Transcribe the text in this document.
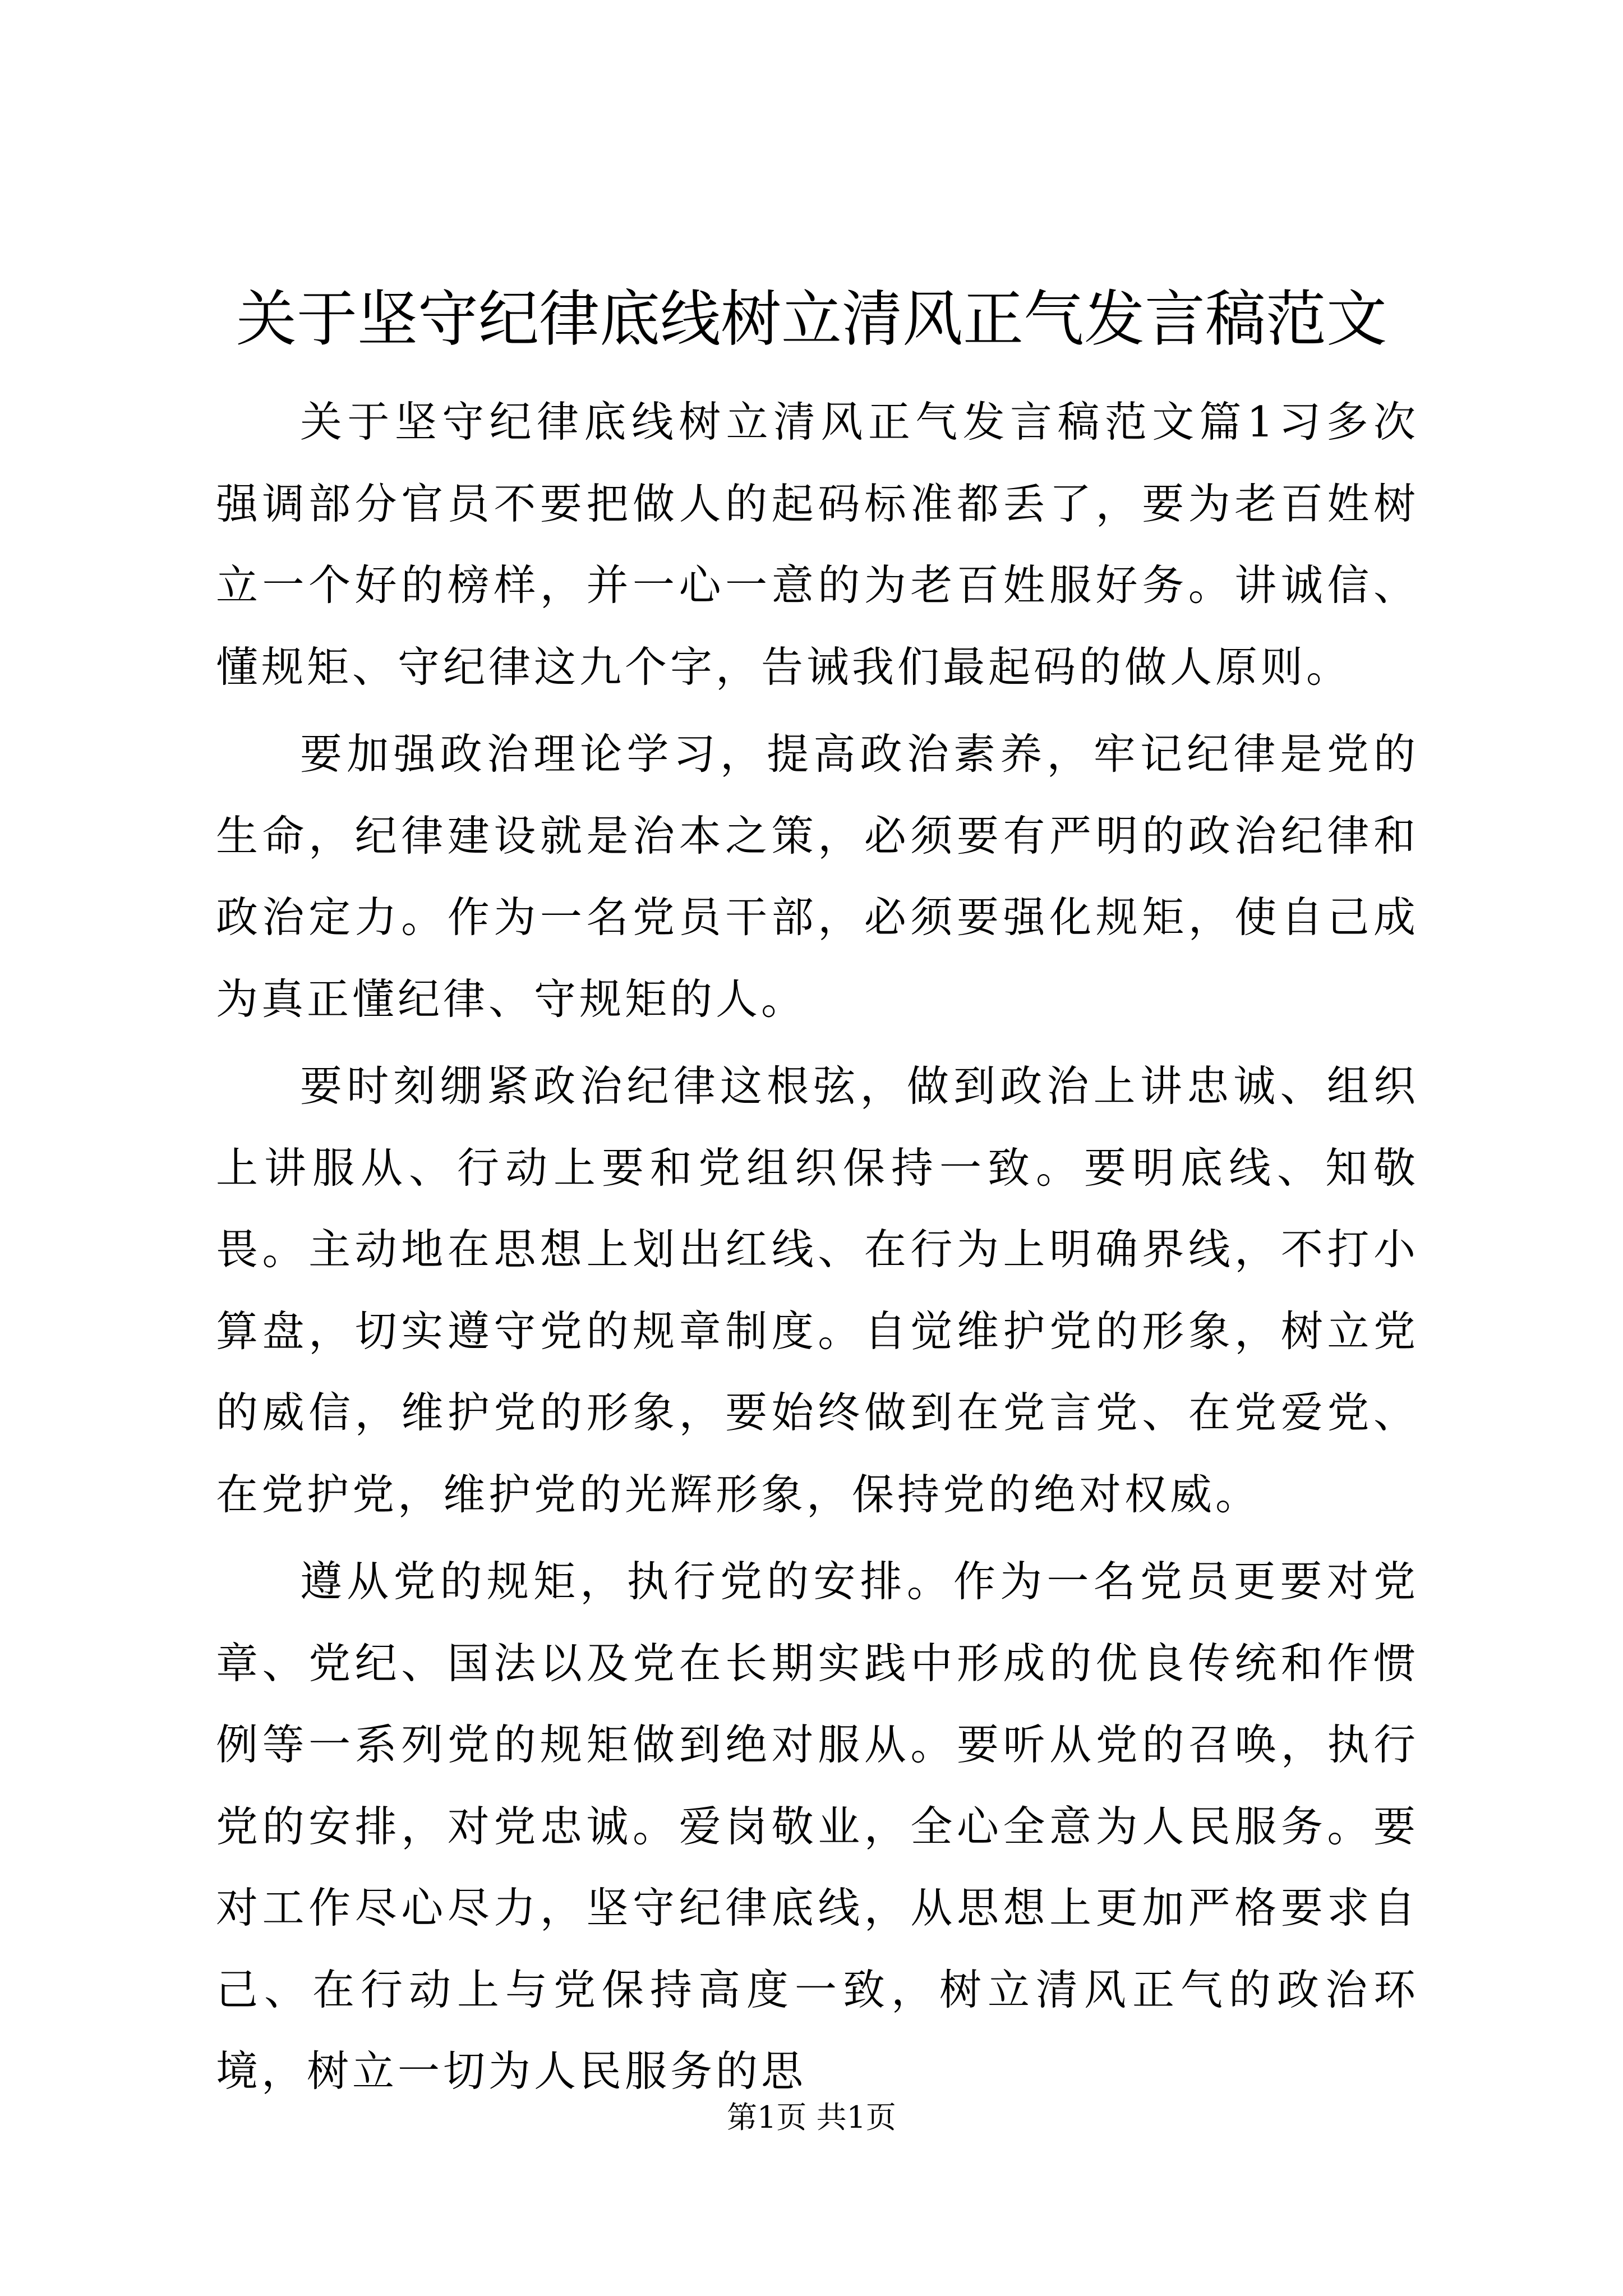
关于坚守纪律底线树立清风正气发言稿范文

关于坚守纪律底线树立清风正气发言稿范文篇1习多次强调部分官员不要把做人的起码标准都丢了，要为老百姓树立一个好的榜样，并一心一意的为老百姓服好务。讲诚信、懂规矩、守纪律这九个字，告诫我们最起码的做人原则。

要加强政治理论学习，提高政治素养，牢记纪律是党的生命，纪律建设就是治本之策，必须要有严明的政治纪律和政治定力。作为一名党员干部，必须要强化规矩，使自己成为真正懂纪律、守规矩的人。

要时刻绷紧政治纪律这根弦，做到政治上讲忠诚、组织上讲服从、行动上要和党组织保持一致。要明底线、知敬畏。主动地在思想上划出红线、在行为上明确界线，不打小算盘，切实遵守党的规章制度。自觉维护党的形象，树立党的威信，维护党的形象，要始终做到在党言党、在党爱党、在党护党，维护党的光辉形象，保持党的绝对权威。

遵从党的规矩，执行党的安排。作为一名党员更要对党章、党纪、国法以及党在长期实践中形成的优良传统和作惯例等一系列党的规矩做到绝对服从。要听从党的召唤，执行党的安排，对党忠诚。爱岗敬业，全心全意为人民服务。要对工作尽心尽力，坚守纪律底线，从思想上更加严格要求自己、在行动上与党保持高度一致，树立清风正气的政治环境，树立一切为人民服务的思

第1页 共1页
